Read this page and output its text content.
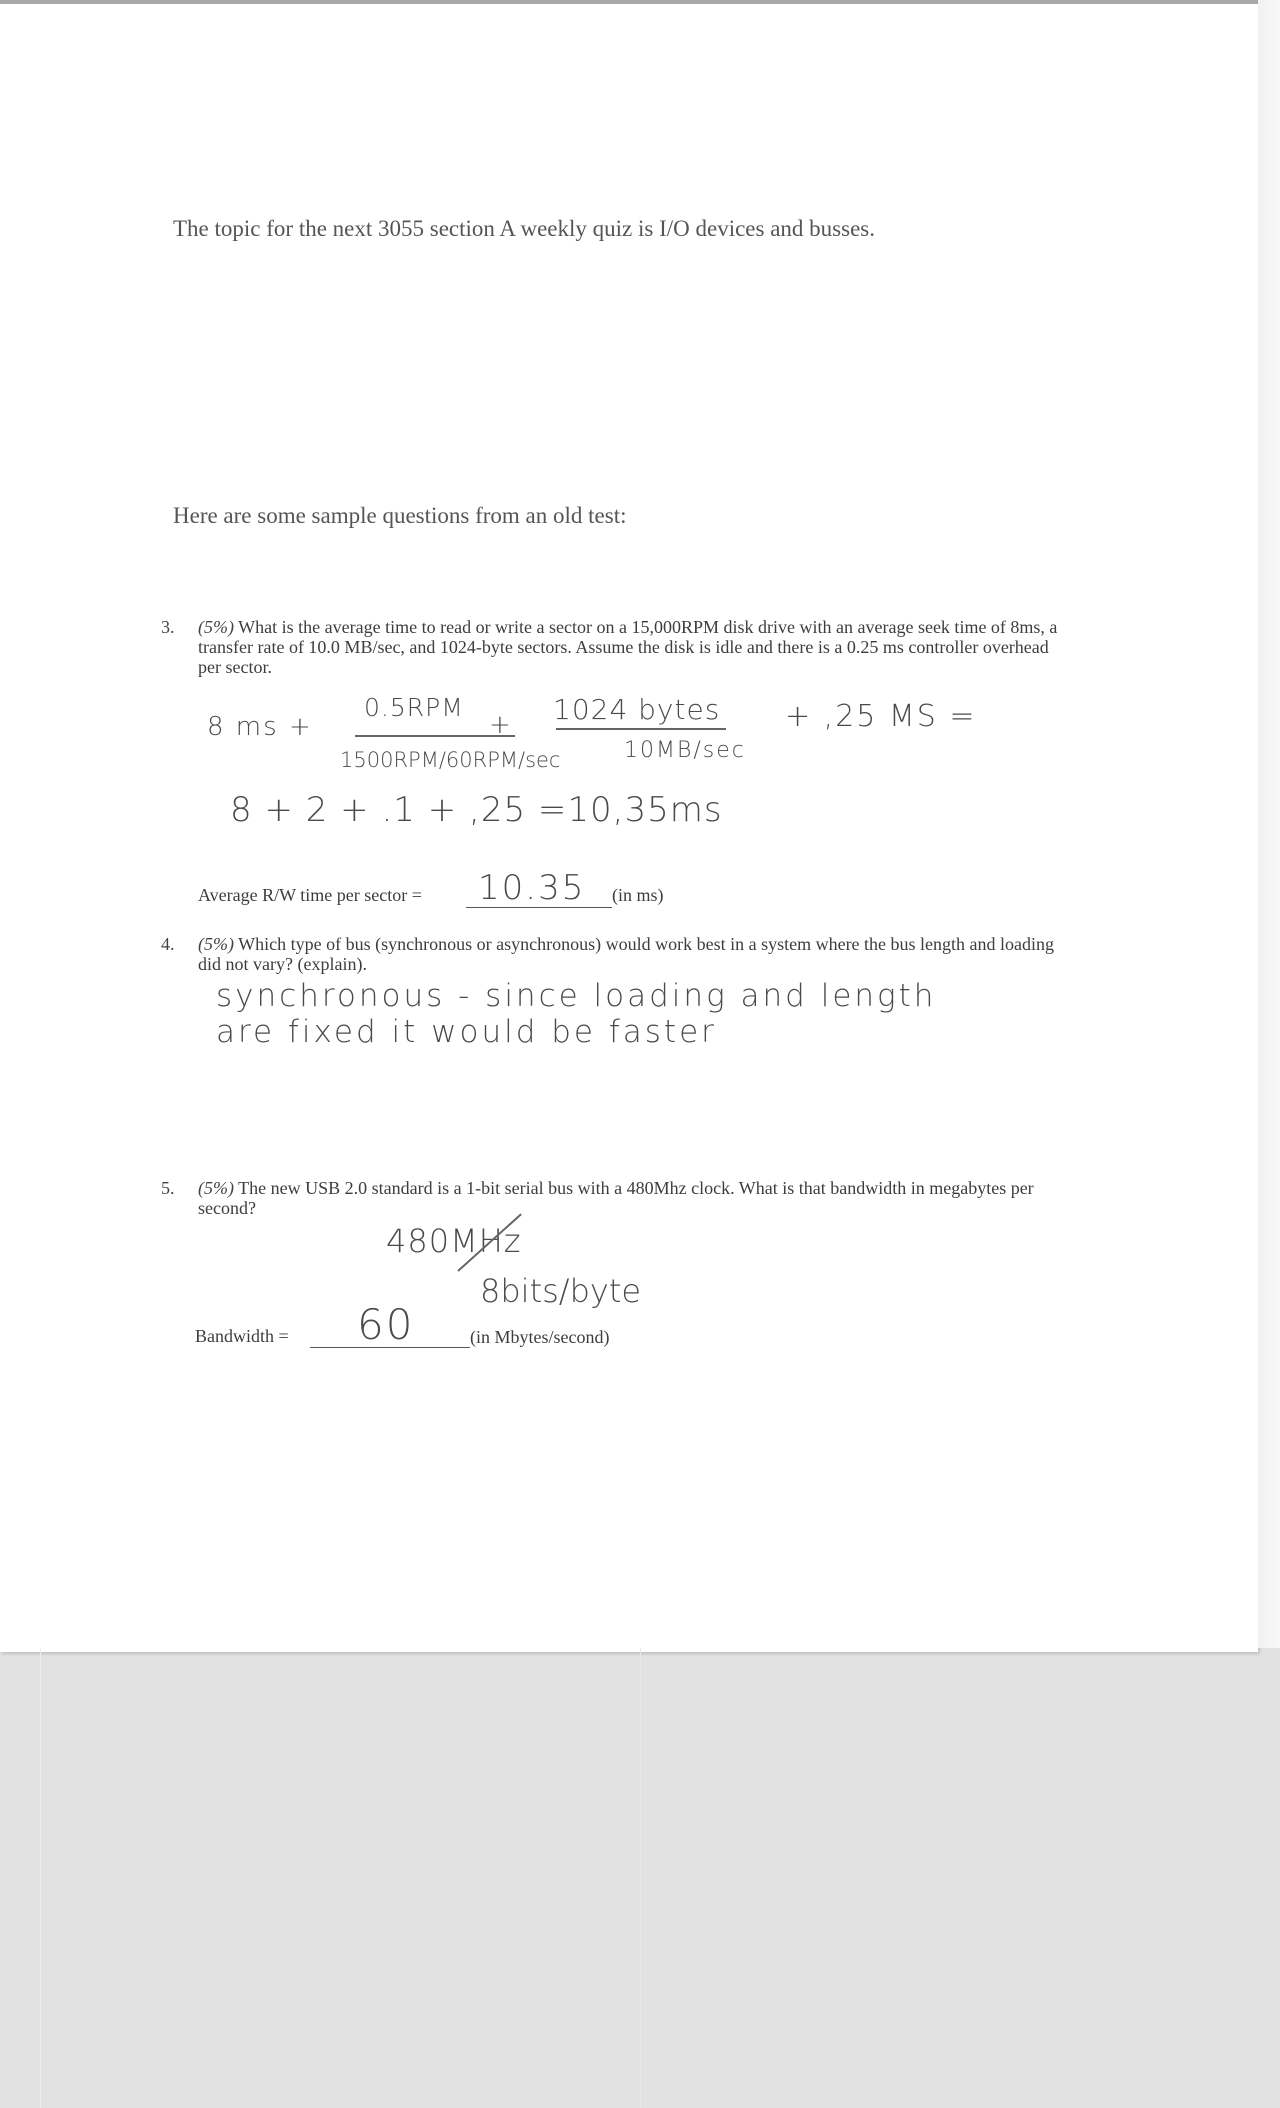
The topic for the next 3055 section A weekly quiz is I/O devices and busses.
Here are some sample questions from an old test:
3. (5%) What is the average time to read or write a sector on a 15,000RPM disk drive with an average seek time of 8ms, a transfer rate of 10.0 MB/sec, and 1024-byte sectors. Assume the disk is idle and there is a 0.25 ms controller overhead per sector.
8 ms +
0.5RPM
+ 1024 bytes + ,25 MS =
1500RPM/60RPM/sec	10MB/sec
8 + 2 + .1 + ,25 =10,35ms
Average R/W time per sector = 10.35 (in ms)
4. (5%) Which type of bus (synchronous or asynchronous) would work best in a system where the bus length and loading did not vary? (explain).
synchronous - since loading and length
are fixed it would be faster
5. (5%) The new USB 2.0 standard is a 1-bit serial bus with a 480Mhz clock. What is that bandwidth in megabytes per second?
480MHz
8bits/byte
Bandwidth = 60	(in Mbytes/second)
